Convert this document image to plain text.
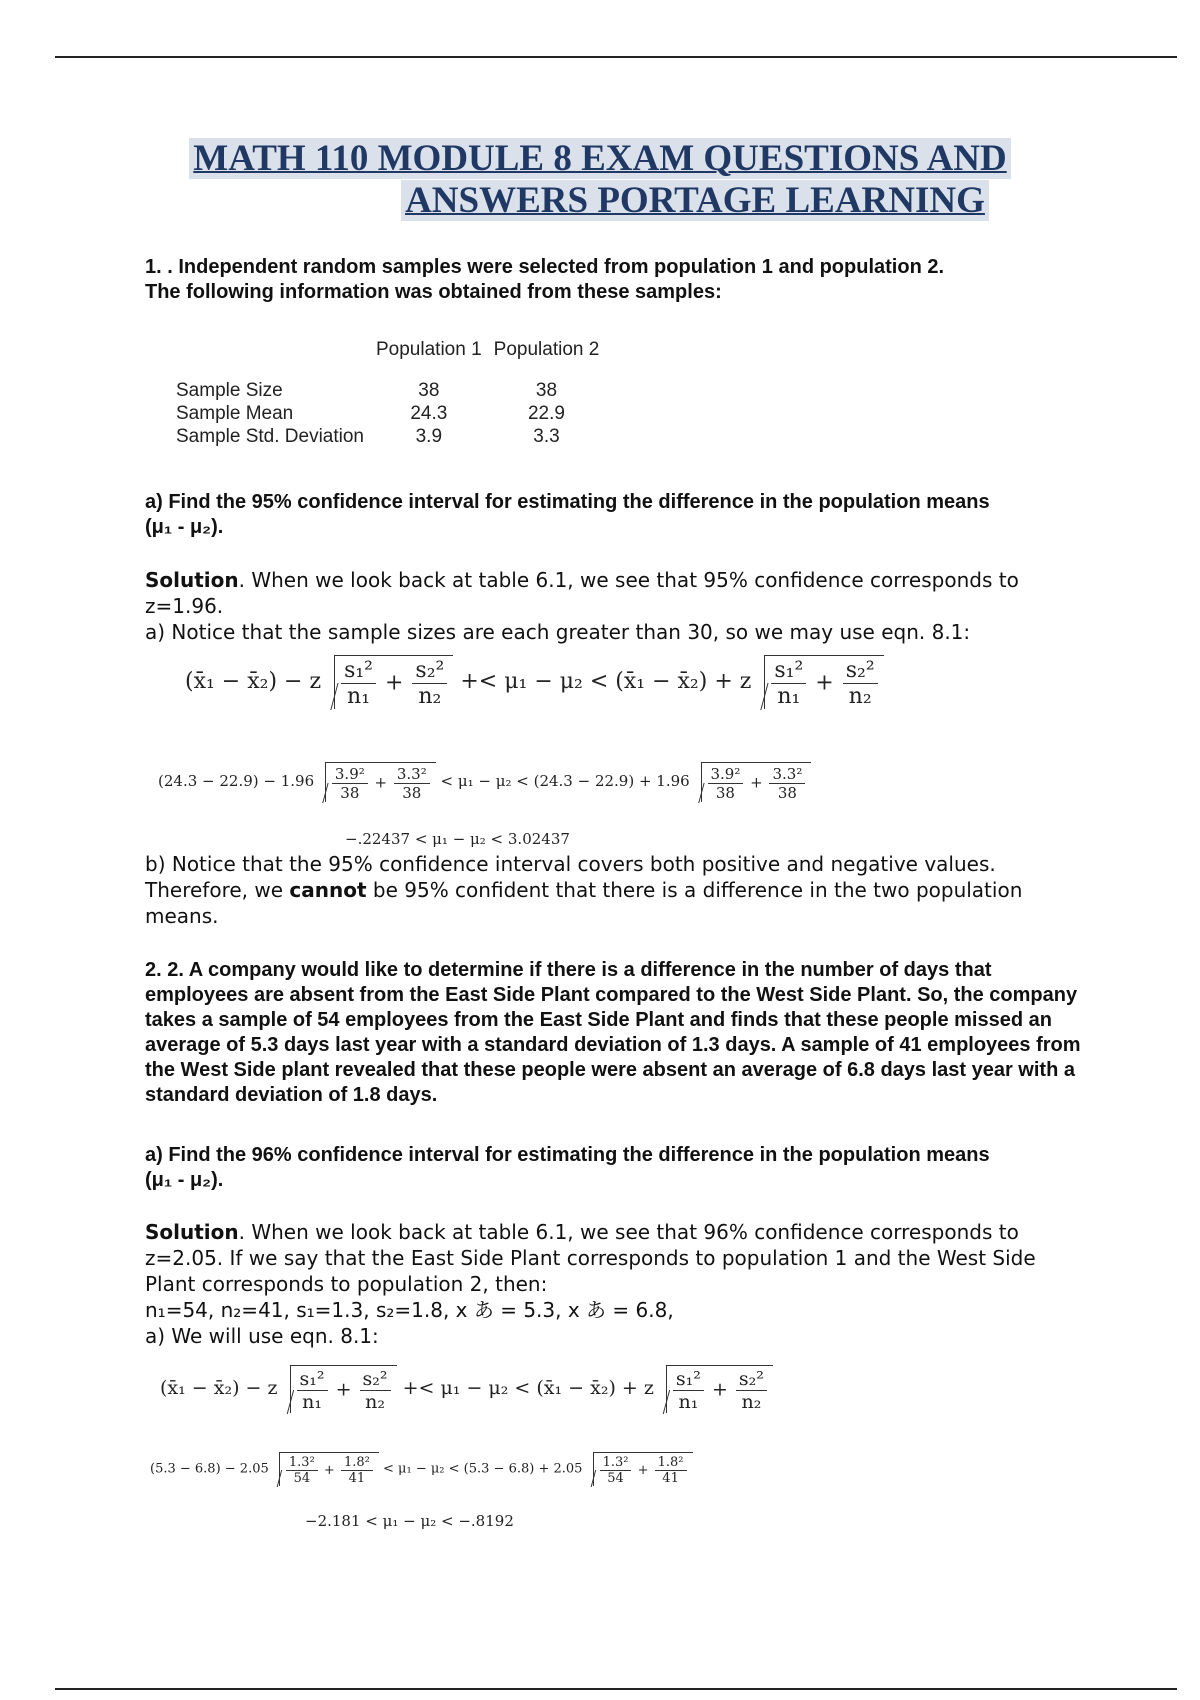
MATH 110 MODULE 8 EXAM QUESTIONS AND
ANSWERS PORTAGE LEARNING
1. . Independent random samples were selected from population 1 and population 2.
The following information was obtained from these samples:
	Population 1	Population 2
Sample Size	38	38
Sample Mean	24.3	22.9
Sample Std. Deviation	3.9	3.3
a) Find the 95% confidence interval for estimating the difference in the population means
(μ₁ - μ₂).
Solution. When we look back at table 6.1, we see that 95% confidence corresponds to z=1.96.
a) Notice that the sample sizes are each greater than 30, so we may use eqn. 8.1:
(x̄₁ − x̄₂) − z $\frac{\text{s₁²}}{\text{n₁}} + \frac{\text{s₂²}}{\text{n₂}} +< \mu_1 - \mu_2$ < (x̄₁ − x̄₂) + z $\frac{\text{s₁²}}{\text{n₁}} + \frac{\text{s₂²}}{\text{n₂}}$
$(24.3 - 22.9) - 1.96 \frac{\text{3.9²}}{38} + \frac{\text{3.3²}}{38} < \mu_1 - \mu_2 < (24.3 - 22.9) + 1.96 \frac{\text{3.9²}}{38} + \frac{\text{3.3²}}{38}$
−.22437 < μ₁ − μ₂ < 3.02437
b) Notice that the 95% confidence interval covers both positive and negative values. Therefore, we cannot be 95% confident that there is a difference in the two population means.
2. 2. A company would like to determine if there is a difference in the number of days that employees are absent from the East Side Plant compared to the West Side Plant. So, the company takes a sample of 54 employees from the East Side Plant and finds that these people missed an average of 5.3 days last year with a standard deviation of 1.3 days. A sample of 41 employees from the West Side plant revealed that these people were absent an average of 6.8 days last year with a standard deviation of 1.8 days.
a) Find the 96% confidence interval for estimating the difference in the population means
(μ₁ - μ₂).
Solution. When we look back at table 6.1, we see that 96% confidence corresponds to z=2.05. If we say that the East Side Plant corresponds to population 1 and the West Side Plant corresponds to population 2, then:
n₁=54, n₂=41, s₁=1.3, s₂=1.8, x あ = 5.3, x あ = 6.8,
a) We will use eqn. 8.1:
(x̄₁ − x̄₂) − z $\frac{\text{s₁²}}{\text{n₁}} + \frac{\text{s₂²}}{\text{n₂}} +< \mu_1 - \mu_2$ < (x̄₁ − x̄₂) + z $\frac{\text{s₁²}}{\text{n₁}} + \frac{\text{s₂²}}{\text{n₂}}$
$(5.3 - 6.8) - 2.05 \frac{\text{1.3²}}{54} + \frac{\text{1.8²}}{41} < \mu_1 - \mu_2 < (5.3 - 6.8) + 2.05 \frac{\text{1.3²}}{54} + \frac{\text{1.8²}}{41}$
−2.181 < μ₁ − μ₂ < −.8192
